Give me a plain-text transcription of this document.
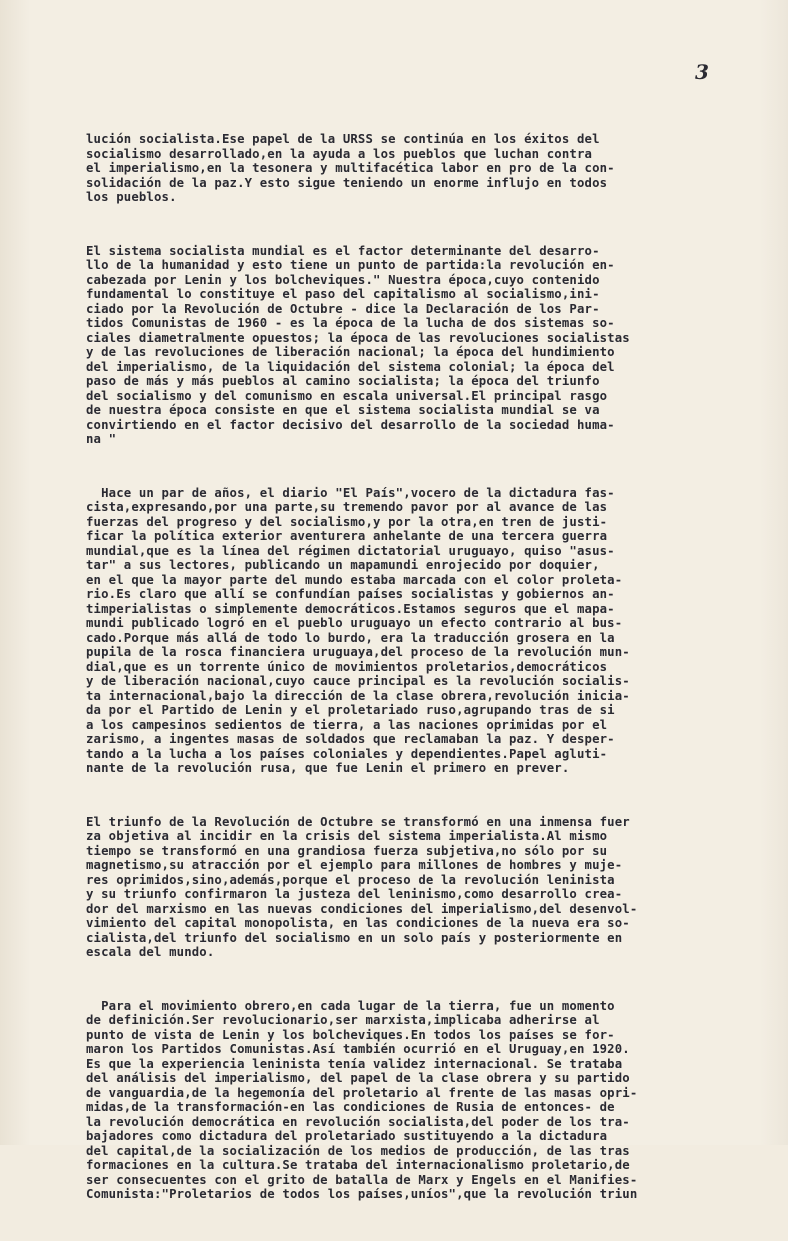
3

lución socialista.Ese papel de la URSS se continúa en los éxitos del
socialismo desarrollado,en la ayuda a los pueblos que luchan contra
el imperialismo,en la tesonera y multifacética labor en pro de la con-
solidación de la paz.Y esto sigue teniendo un enorme influjo en todos
los pueblos.

El sistema socialista mundial es el factor determinante del desarro-
llo de la humanidad y esto tiene un punto de partida:la revolución en-
cabezada por Lenin y los bolcheviques." Nuestra época,cuyo contenido
fundamental lo constituye el paso del capitalismo al socialismo,ini-
ciado por la Revolución de Octubre - dice la Declaración de los Par-
tidos Comunistas de 1960 - es la época de la lucha de dos sistemas so-
ciales diametralmente opuestos; la época de las revoluciones socialistas
y de las revoluciones de liberación nacional; la época del hundimiento
del imperialismo, de la liquidación del sistema colonial; la época del
paso de más y más pueblos al camino socialista; la época del triunfo
del socialismo y del comunismo en escala universal.El principal rasgo
de nuestra época consiste en que el sistema socialista mundial se va
convirtiendo en el factor decisivo del desarrollo de la sociedad huma-
na "

Hace un par de años, el diario "El País",vocero de la dictadura fas-
cista,expresando,por una parte,su tremendo pavor por al avance de las
fuerzas del progreso y del socialismo,y por la otra,en tren de justi-
ficar la política exterior aventurera anhelante de una tercera guerra
mundial,que es la línea del régimen dictatorial uruguayo, quiso "asus-
tar" a sus lectores, publicando un mapamundi enrojecido por doquier,
en el que la mayor parte del mundo estaba marcada con el color proleta-
rio.Es claro que allí se confundían países socialistas y gobiernos an-
timperialistas o simplemente democráticos.Estamos seguros que el mapa-
mundi publicado logró en el pueblo uruguayo un efecto contrario al bus-
cado.Porque más allá de todo lo burdo, era la traducción grosera en la
pupila de la rosca financiera uruguaya,del proceso de la revolución mun-
dial,que es un torrente único de movimientos proletarios,democráticos
y de liberación nacional,cuyo cauce principal es la revolución socialis-
ta internacional,bajo la dirección de la clase obrera,revolución inicia-
da por el Partido de Lenin y el proletariado ruso,agrupando tras de si
a los campesinos sedientos de tierra, a las naciones oprimidas por el
zarismo, a ingentes masas de soldados que reclamaban la paz. Y desper-
tando a la lucha a los países coloniales y dependientes.Papel agluti-
nante de la revolución rusa, que fue Lenin el primero en prever.

El triunfo de la Revolución de Octubre se transformó en una inmensa fuer
za objetiva al incidir en la crisis del sistema imperialista.Al mismo
tiempo se transformó en una grandiosa fuerza subjetiva,no sólo por su
magnetismo,su atracción por el ejemplo para millones de hombres y muje-
res oprimidos,sino,además,porque el proceso de la revolución leninista
y su triunfo confirmaron la justeza del leninismo,como desarrollo crea-
dor del marxismo en las nuevas condiciones del imperialismo,del desenvol-
vimiento del capital monopolista, en las condiciones de la nueva era so-
cialista,del triunfo del socialismo en un solo país y posteriormente en
escala del mundo.

Para el movimiento obrero,en cada lugar de la tierra, fue un momento
de definición.Ser revolucionario,ser marxista,implicaba adherirse al
punto de vista de Lenin y los bolcheviques.En todos los países se for-
maron los Partidos Comunistas.Así también ocurrió en el Uruguay,en 1920.
Es que la experiencia leninista tenía validez internacional. Se trataba
del análisis del imperialismo, del papel de la clase obrera y su partido
de vanguardia,de la hegemonía del proletario al frente de las masas opri-
midas,de la transformación-en las condiciones de Rusia de entonces- de
la revolución democrática en revolución socialista,del poder de los tra-
bajadores como dictadura del proletariado sustituyendo a la dictadura
del capital,de la socialización de los medios de producción, de las tras
formaciones en la cultura.Se trataba del internacionalismo proletario,de
ser consecuentes con el grito de batalla de Marx y Engels en el Manifies-
Comunista:"Proletarios de todos los países,uníos",que la revolución triun
